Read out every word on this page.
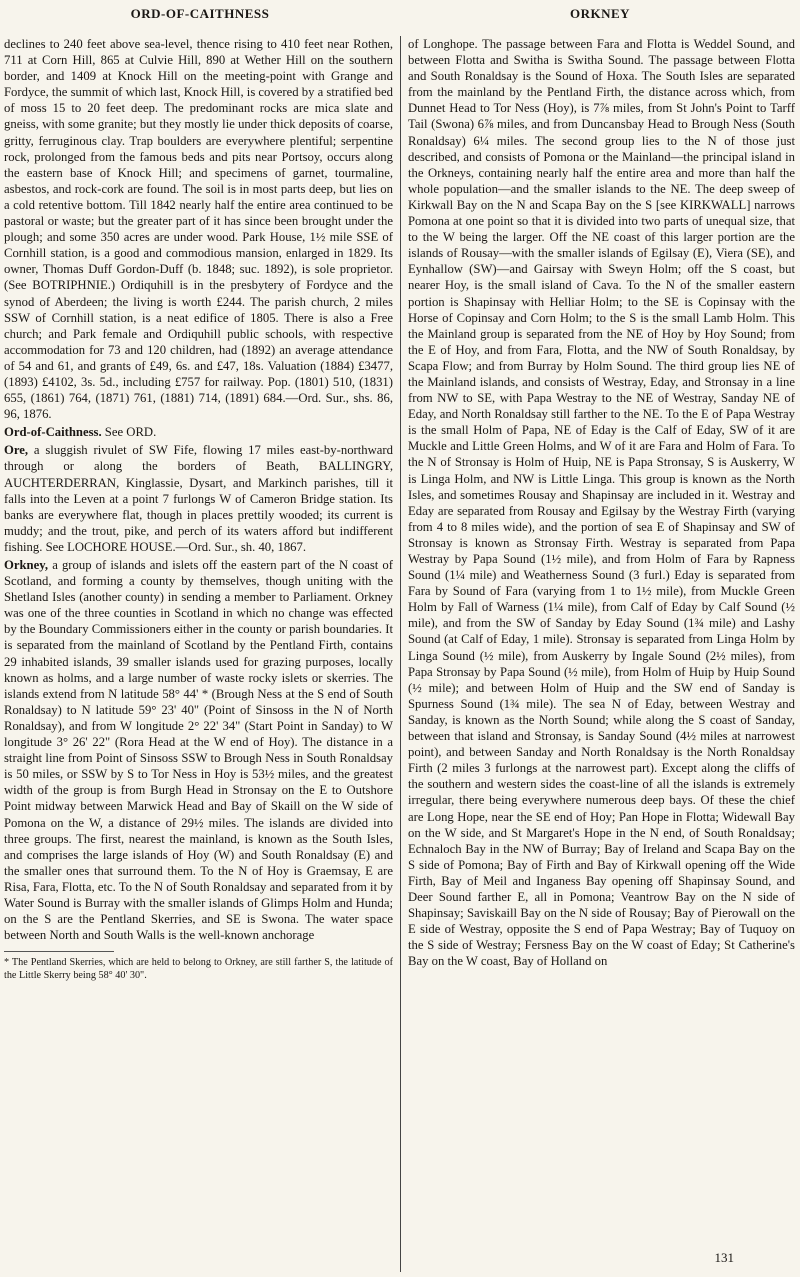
ORD-OF-CAITHNESS	ORKNEY

declines to 240 feet above sea-level, thence rising to 410 feet near Rothen, 711 at Corn Hill, 865 at Culvie Hill, 890 at Wether Hill on the southern border, and 1409 at Knock Hill on the meeting-point with Grange and Fordyce, the summit of which last, Knock Hill, is covered by a stratified bed of moss 15 to 20 feet deep. The predominant rocks are mica slate and gneiss, with some granite; but they mostly lie under thick deposits of coarse, gritty, ferruginous clay. Trap boulders are everywhere plentiful; serpentine rock, prolonged from the famous beds and pits near Portsoy, occurs along the eastern base of Knock Hill; and specimens of garnet, tourmaline, asbestos, and rock-cork are found. The soil is in most parts deep, but lies on a cold retentive bottom. Till 1842 nearly half the entire area continued to be pastoral or waste; but the greater part of it has since been brought under the plough; and some 350 acres are under wood. Park House, 1½ mile SSE of Cornhill station, is a good and commodious mansion, enlarged in 1829. Its owner, Thomas Duff Gordon-Duff (b. 1848; suc. 1892), is sole proprietor. (See BOTRIPHNIE.) Ordiquhill is in the presbytery of Fordyce and the synod of Aberdeen; the living is worth £244. The parish church, 2 miles SSW of Cornhill station, is a neat edifice of 1805. There is also a Free church; and Park female and Ordiquhill public schools, with respective accommodation for 73 and 120 children, had (1892) an average attendance of 54 and 61, and grants of £49, 6s. and £47, 18s. Valuation (1884) £3477, (1893) £4102, 3s. 5d., including £757 for railway. Pop. (1801) 510, (1831) 655, (1861) 764, (1871) 761, (1881) 714, (1891) 684.—Ord. Sur., shs. 86, 96, 1876.

Ord-of-Caithness. See ORD.

Ore, a sluggish rivulet of SW Fife, flowing 17 miles east-by-northward through or along the borders of Beath, BALLINGRY, AUCHTERDERRAN, Kinglassie, Dysart, and Markinch parishes, till it falls into the Leven at a point 7 furlongs W of Cameron Bridge station. Its banks are everywhere flat, though in places prettily wooded; its current is muddy; and the trout, pike, and perch of its waters afford but indifferent fishing. See LOCHORE HOUSE.—Ord. Sur., sh. 40, 1867.

Orkney, a group of islands and islets off the eastern part of the N coast of Scotland, and forming a county by themselves, though uniting with the Shetland Isles (another county) in sending a member to Parliament. Orkney was one of the three counties in Scotland in which no change was effected by the Boundary Commissioners either in the county or parish boundaries. It is separated from the mainland of Scotland by the Pentland Firth, contains 29 inhabited islands, 39 smaller islands used for grazing purposes, locally known as holms, and a large number of waste rocky islets or skerries. The islands extend from N latitude 58° 44' * (Brough Ness at the S end of South Ronaldsay) to N latitude 59° 23' 40" (Point of Sinsoss in the N of North Ronaldsay), and from W longitude 2° 22' 34" (Start Point in Sanday) to W longitude 3° 26' 22" (Rora Head at the W end of Hoy). The distance in a straight line from Point of Sinsoss SSW to Brough Ness in South Ronaldsay is 50 miles, or SSW by S to Tor Ness in Hoy is 53½ miles, and the greatest width of the group is from Burgh Head in Stronsay on the E to Outshore Point midway between Marwick Head and Bay of Skaill on the W side of Pomona on the W, a distance of 29½ miles. The islands are divided into three groups. The first, nearest the mainland, is known as the South Isles, and comprises the large islands of Hoy (W) and South Ronaldsay (E) and the smaller ones that surround them. To the N of Hoy is Graemsay, E are Risa, Fara, Flotta, etc. To the N of South Ronaldsay and separated from it by Water Sound is Burray with the smaller islands of Glimps Holm and Hunda; on the S are the Pentland Skerries, and SE is Swona. The water space between North and South Walls is the well-known anchorage

* The Pentland Skerries, which are held to belong to Orkney, are still farther S, the latitude of the Little Skerry being 58° 40' 30".

of Longhope. The passage between Fara and Flotta is Weddel Sound, and between Flotta and Switha is Switha Sound. The passage between Flotta and South Ronaldsay is the Sound of Hoxa. The South Isles are separated from the mainland by the Pentland Firth, the distance across which, from Dunnet Head to Tor Ness (Hoy), is 7⅞ miles, from St John's Point to Tarff Tail (Swona) 6⅞ miles, and from Duncansbay Head to Brough Ness (South Ronaldsay) 6¼ miles. The second group lies to the N of those just described, and consists of Pomona or the Mainland—the principal island in the Orkneys, containing nearly half the entire area and more than half the whole population—and the smaller islands to the NE. The deep sweep of Kirkwall Bay on the N and Scapa Bay on the S [see KIRKWALL] narrows Pomona at one point so that it is divided into two parts of unequal size, that to the W being the larger. Off the NE coast of this larger portion are the islands of Rousay—with the smaller islands of Egilsay (E), Viera (SE), and Eynhallow (SW)—and Gairsay with Sweyn Holm; off the S coast, but nearer Hoy, is the small island of Cava. To the N of the smaller eastern portion is Shapinsay with Helliar Holm; to the SE is Copinsay with the Horse of Copinsay and Corn Holm; to the S is the small Lamb Holm. This the Mainland group is separated from the NE of Hoy by Hoy Sound; from the E of Hoy, and from Fara, Flotta, and the NW of South Ronaldsay, by Scapa Flow; and from Burray by Holm Sound. The third group lies NE of the Mainland islands, and consists of Westray, Eday, and Stronsay in a line from NW to SE, with Papa Westray to the NE of Westray, Sanday NE of Eday, and North Ronaldsay still farther to the NE. To the E of Papa Westray is the small Holm of Papa, NE of Eday is the Calf of Eday, SW of it are Muckle and Little Green Holms, and W of it are Fara and Holm of Fara. To the N of Stronsay is Holm of Huip, NE is Papa Stronsay, S is Auskerry, W is Linga Holm, and NW is Little Linga. This group is known as the North Isles, and sometimes Rousay and Shapinsay are included in it. Westray and Eday are separated from Rousay and Egilsay by the Westray Firth (varying from 4 to 8 miles wide), and the portion of sea E of Shapinsay and SW of Stronsay is known as Stronsay Firth. Westray is separated from Papa Westray by Papa Sound (1½ mile), and from Holm of Fara by Rapness Sound (1¼ mile) and Weatherness Sound (3 furl.) Eday is separated from Fara by Sound of Fara (varying from 1 to 1½ mile), from Muckle Green Holm by Fall of Warness (1¼ mile), from Calf of Eday by Calf Sound (½ mile), and from the SW of Sanday by Eday Sound (1¾ mile) and Lashy Sound (at Calf of Eday, 1 mile). Stronsay is separated from Linga Holm by Linga Sound (½ mile), from Auskerry by Ingale Sound (2½ miles), from Papa Stronsay by Papa Sound (½ mile), from Holm of Huip by Huip Sound (½ mile); and between Holm of Huip and the SW end of Sanday is Spurness Sound (1¾ mile). The sea N of Eday, between Westray and Sanday, is known as the North Sound; while along the S coast of Sanday, between that island and Stronsay, is Sanday Sound (4½ miles at narrowest point), and between Sanday and North Ronaldsay is the North Ronaldsay Firth (2 miles 3 furlongs at the narrowest part). Except along the cliffs of the southern and western sides the coast-line of all the islands is extremely irregular, there being everywhere numerous deep bays. Of these the chief are Long Hope, near the SE end of Hoy; Pan Hope in Flotta; Widewall Bay on the W side, and St Margaret's Hope in the N end, of South Ronaldsay; Echnaloch Bay in the NW of Burray; Bay of Ireland and Scapa Bay on the S side of Pomona; Bay of Firth and Bay of Kirkwall opening off the Wide Firth, Bay of Meil and Inganess Bay opening off Shapinsay Sound, and Deer Sound farther E, all in Pomona; Veantrow Bay on the N side of Shapinsay; Saviskaill Bay on the N side of Rousay; Bay of Pierowall on the E side of Westray, opposite the S end of Papa Westray; Bay of Tuquoy on the S side of Westray; Fersness Bay on the W coast of Eday; St Catherine's Bay on the W coast, Bay of Holland on

131
